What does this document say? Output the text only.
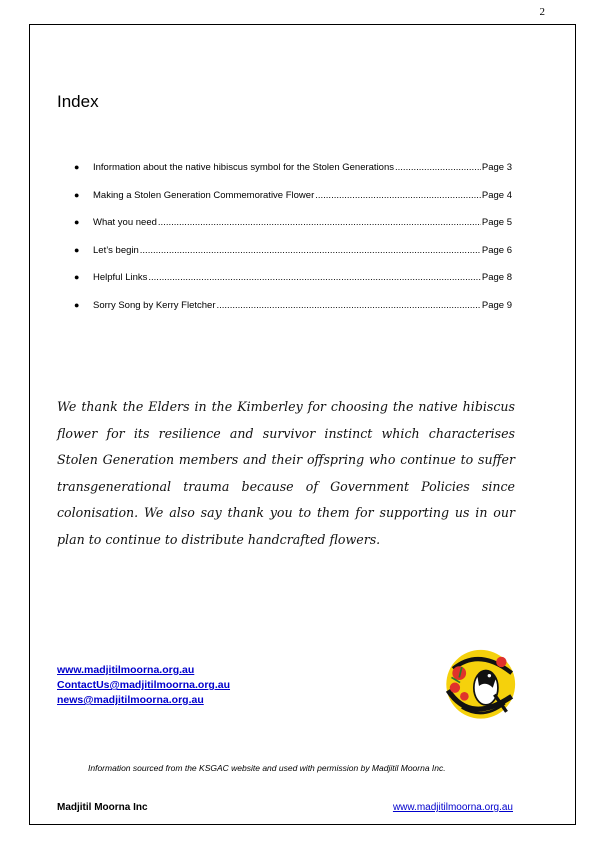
2
Index
●	Information about the native hibiscus symbol for the Stolen Generations .....	Page 3
●	Making a Stolen Generation Commemorative Flower .....	Page 4
●	What you need .....	Page 5
●	Let’s begin .....	Page 6
●	Helpful Links .....	Page 8
●	Sorry Song by Kerry Fletcher .....	Page 9

We thank the Elders in the Kimberley for choosing the native hibiscus flower for its resilience and survivor instinct which characterises Stolen Generation members and their offspring who continue to suffer transgenerational trauma because of Government Policies since colonisation. We also say thank you to them for supporting us in our plan to continue to distribute handcrafted flowers.

www.madjitilmoorna.org.au
ContactUs@madjitilmoorna.org.au
news@madjitilmoorna.org.au
Information sourced from the KSGAC website and used with permission by Madjitil Moorna Inc.
Madjitil Moorna Inc	www.madjitilmoorna.org.au
